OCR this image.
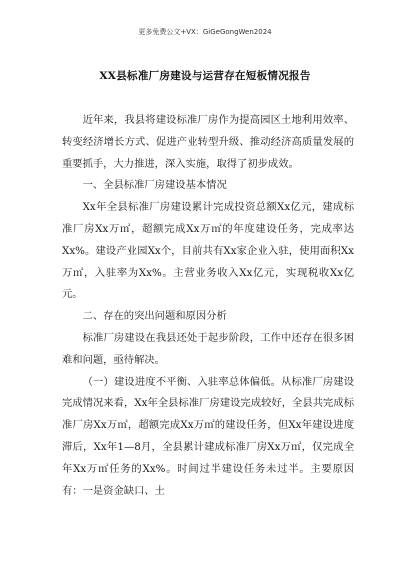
更多免费公文+VX：GiGeGongWen2024
XX县标准厂房建设与运营存在短板情况报告

近年来，我县将建设标准厂房作为提高园区土地利用效率、转变经济增长方式、促进产业转型升级、推动经济高质量发展的重要抓手，大力推进，深入实施，取得了初步成效。

一、全县标准厂房建设基本情况

Xx年全县标准厂房建设累计完成投资总额Xx亿元，建成标准厂房Xx万㎡，超额完成Xx万㎡的年度建设任务，完成率达Xx%。建设产业园Xx个，目前共有Xx家企业入驻，使用面积Xx万㎡，入驻率为Xx%。主营业务收入Xx亿元，实现税收Xx亿元。

二、存在的突出问题和原因分析

标准厂房建设在我县还处于起步阶段，工作中还存在很多困难和问题，亟待解决。

（一）建设进度不平衡、入驻率总体偏低。从标准厂房建设完成情况来看，Xx年全县标准厂房建设完成较好，全县共完成标准厂房Xx万㎡，超额完成Xx万㎡的建设任务，但Xx年建设进度滞后，Xx年1—8月，全县累计建成标准厂房Xx万㎡，仅完成全年Xx万㎡任务的Xx%。时间过半建设任务未过半。主要原因有：一是资金缺口、土
